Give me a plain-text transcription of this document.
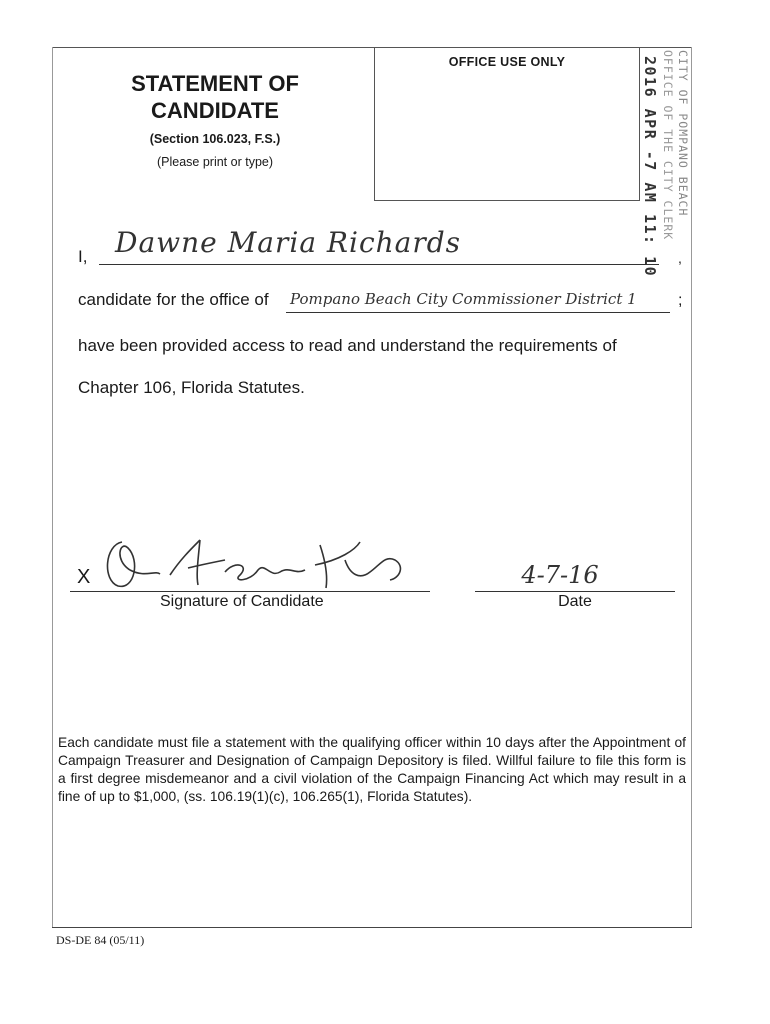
STATEMENT OF
CANDIDATE
(Section 106.023, F.S.)
(Please print or type)
OFFICE USE ONLY	CITY OF POMPANO BEACH
OFFICE OF THE CITY CLERK
2016 APR -7 AM 11: 10
I, Dawne Maria Richards	,
candidate for the office of Pompano Beach City Commissioner District 1	;
have been provided access to read and understand the requirements of
Chapter 106, Florida Statutes.
X
Signature of Candidate
4-7-16
Date
Each candidate must file a statement with the qualifying officer within 10 days after the Appointment of Campaign Treasurer and Designation of Campaign Depository is filed. Willful failure to file this form is a first degree misdemeanor and a civil violation of the Campaign Financing Act which may result in a fine of up to $1,000, (ss. 106.19(1)(c), 106.265(1), Florida Statutes).
DS-DE 84 (05/11)
